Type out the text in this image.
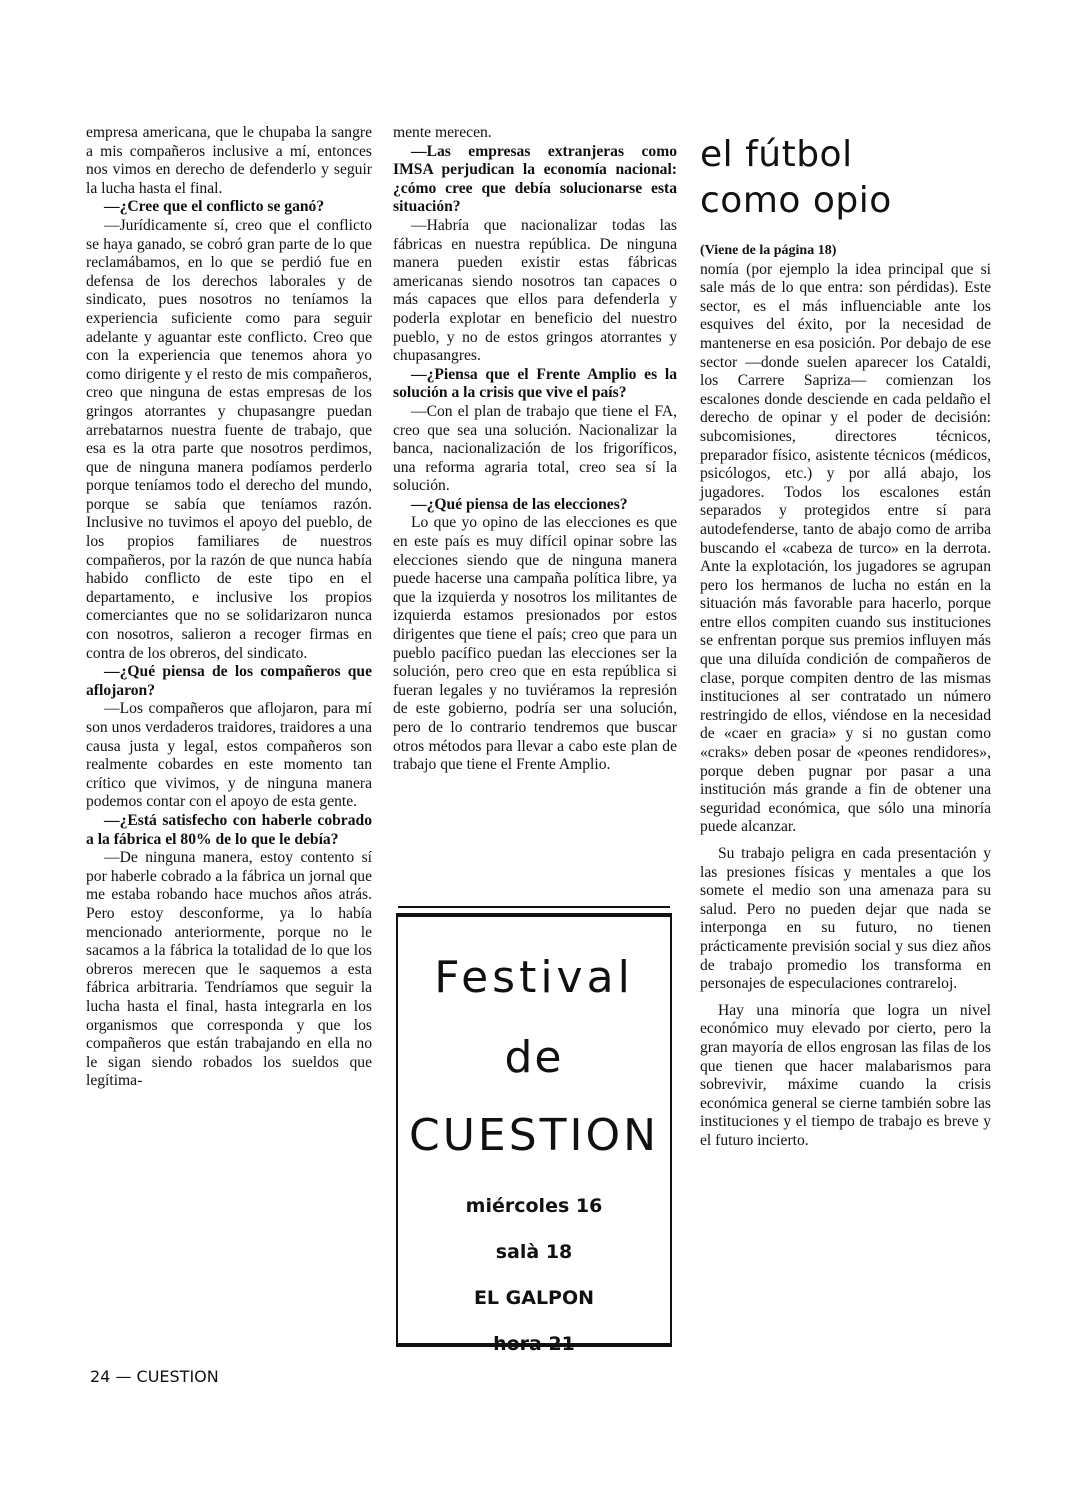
empresa americana, que le chupaba la sangre a mis compañeros inclusive a mí, entonces nos vimos en derecho de defenderlo y seguir la lucha hasta el final.

—¿Cree que el conflicto se ganó?

—Jurídicamente sí, creo que el conflicto se haya ganado, se cobró gran parte de lo que reclamábamos, en lo que se perdió fue en defensa de los derechos laborales y de sindicato, pues nosotros no teníamos la experiencia suficiente como para seguir adelante y aguantar este conflicto. Creo que con la experiencia que tenemos ahora yo como dirigente y el resto de mis compañeros, creo que ninguna de estas empresas de los gringos atorrantes y chupasangre puedan arrebatarnos nuestra fuente de trabajo, que esa es la otra parte que nosotros perdimos, que de ninguna manera podíamos perderlo porque teníamos todo el derecho del mundo, porque se sabía que teníamos razón. Inclusive no tuvimos el apoyo del pueblo, de los propios familiares de nuestros compañeros, por la razón de que nunca había habido conflicto de este tipo en el departamento, e inclusive los propios comerciantes que no se solidarizaron nunca con nosotros, salieron a recoger firmas en contra de los obreros, del sindicato.

—¿Qué piensa de los compañeros que aflojaron?

—Los compañeros que aflojaron, para mí son unos verdaderos traidores, traidores a una causa justa y legal, estos compañeros son realmente cobardes en este momento tan crítico que vivimos, y de ninguna manera podemos contar con el apoyo de esta gente.

—¿Está satisfecho con haberle cobrado a la fábrica el 80% de lo que le debía?

—De ninguna manera, estoy contento sí por haberle cobrado a la fábrica un jornal que me estaba robando hace muchos años atrás. Pero estoy desconforme, ya lo había mencionado anteriormente, porque no le sacamos a la fábrica la totalidad de lo que los obreros merecen que le saquemos a esta fábrica arbitraria. Tendríamos que seguir la lucha hasta el final, hasta integrarla en los organismos que corresponda y que los compañeros que están trabajando en ella no le sigan siendo robados los sueldos que legítima-

mente merecen.

—Las empresas extranjeras como IMSA perjudican la economía nacional: ¿cómo cree que debía solucionarse esta situación?

—Habría que nacionalizar todas las fábricas en nuestra república. De ninguna manera pueden existir estas fábricas americanas siendo nosotros tan capaces o más capaces que ellos para defenderla y poderla explotar en beneficio del nuestro pueblo, y no de estos gringos atorrantes y chupasangres.

—¿Piensa que el Frente Amplio es la solución a la crisis que vive el país?

—Con el plan de trabajo que tiene el FA, creo que sea una solución. Nacionalizar la banca, nacionalización de los frigoríficos, una reforma agraria total, creo sea sí la solución.

—¿Qué piensa de las elecciones?

Lo que yo opino de las elecciones es que en este país es muy difícil opinar sobre las elecciones siendo que de ninguna manera puede hacerse una campaña política libre, ya que la izquierda y nosotros los militantes de izquierda estamos presionados por estos dirigentes que tiene el país; creo que para un pueblo pacífico puedan las elecciones ser la solución, pero creo que en esta república si fueran legales y no tuviéramos la represión de este gobierno, podría ser una solución, pero de lo contrario tendremos que buscar otros métodos para llevar a cabo este plan de trabajo que tiene el Frente Amplio.

Festival
de
CUESTION
miércoles 16
salà 18
EL GALPON
hora 21
el fútbol
como opio

(Viene de la página 18)

nomía (por ejemplo la idea principal que si sale más de lo que entra: son pérdidas). Este sector, es el más influenciable ante los esquives del éxito, por la necesidad de mantenerse en esa posición. Por debajo de ese sector —donde suelen aparecer los Cataldi, los Carrere Sapriza— comienzan los escalones donde desciende en cada peldaño el derecho de opinar y el poder de decisión: subcomisiones, directores técnicos, preparador físico, asistente técnicos (médicos, psicólogos, etc.) y por allá abajo, los jugadores. Todos los escalones están separados y protegidos entre sí para autodefenderse, tanto de abajo como de arriba buscando el «cabeza de turco» en la derrota. Ante la explotación, los jugadores se agrupan pero los hermanos de lucha no están en la situación más favorable para hacerlo, porque entre ellos compiten cuando sus instituciones se enfrentan porque sus premios influyen más que una diluída condición de compañeros de clase, porque compiten dentro de las mismas instituciones al ser contratado un número restringido de ellos, viéndose en la necesidad de «caer en gracia» y si no gustan como «craks» deben posar de «peones rendidores», porque deben pugnar por pasar a una institución más grande a fin de obtener una seguridad económica, que sólo una minoría puede alcanzar.

Su trabajo peligra en cada presentación y las presiones físicas y mentales a que los somete el medio son una amenaza para su salud. Pero no pueden dejar que nada se interponga en su futuro, no tienen prácticamente previsión social y sus diez años de trabajo promedio los transforma en personajes de especulaciones contrareloj.

Hay una minoría que logra un nivel económico muy elevado por cierto, pero la gran mayoría de ellos engrosan las filas de los que tienen que hacer malabarismos para sobrevivir, máxime cuando la crisis económica general se cierne también sobre las instituciones y el tiempo de trabajo es breve y el futuro incierto.

24 — CUESTION
